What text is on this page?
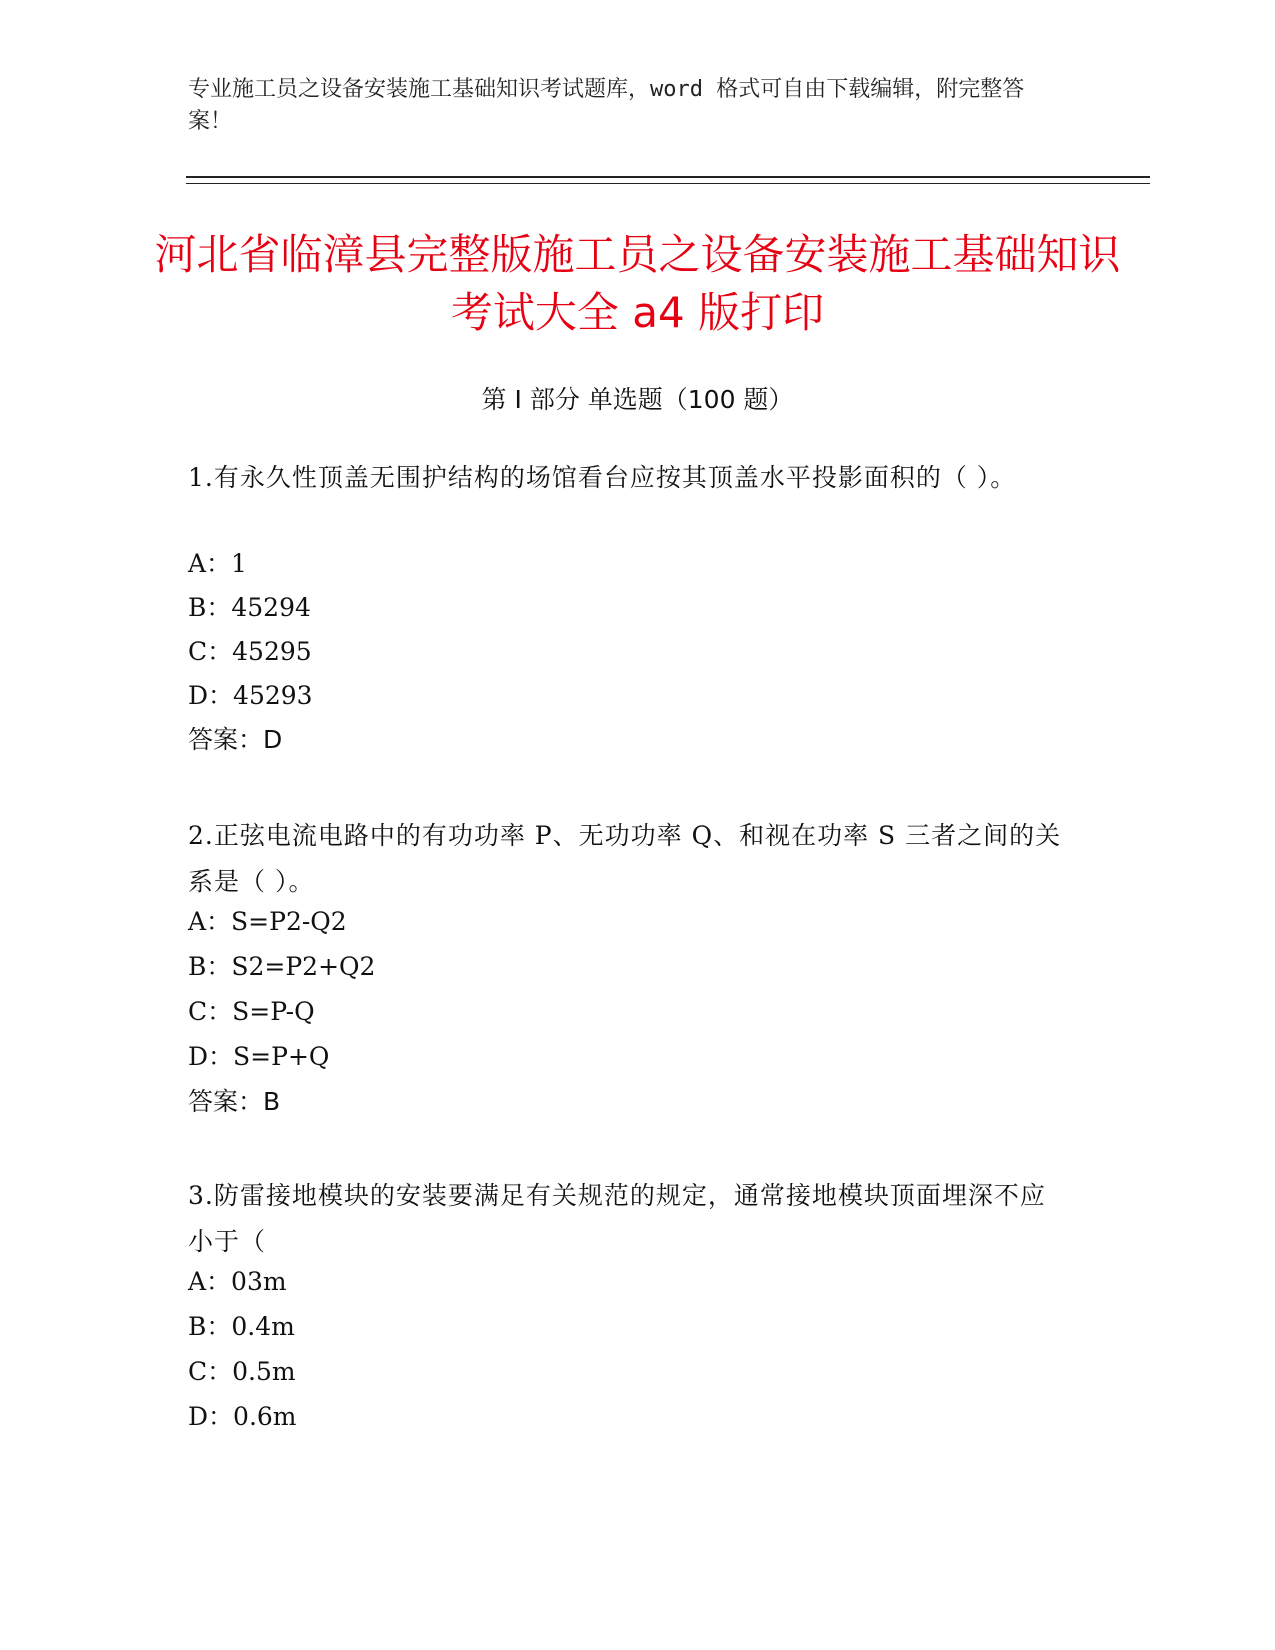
专业施工员之设备安装施工基础知识考试题库，word 格式可自由下载编辑，附完整答案！
河北省临漳县完整版施工员之设备安装施工基础知识考试大全 a4 版打印
第 I 部分 单选题（100 题）
1.有永久性顶盖无围护结构的场馆看台应按其顶盖水平投影面积的（ ）。
A：1
B：45294
C：45295
D：45293
答案：D
2.正弦电流电路中的有功功率 P、无功功率 Q、和视在功率 S 三者之间的关系是（ ）。
A：S=P2-Q2
B：S2=P2+Q2
C：S=P-Q
D：S=P+Q
答案：B
3.防雷接地模块的安装要满足有关规范的规定，通常接地模块顶面埋深不应小于（
A：03m
B：0.4m
C：0.5m
D：0.6m
